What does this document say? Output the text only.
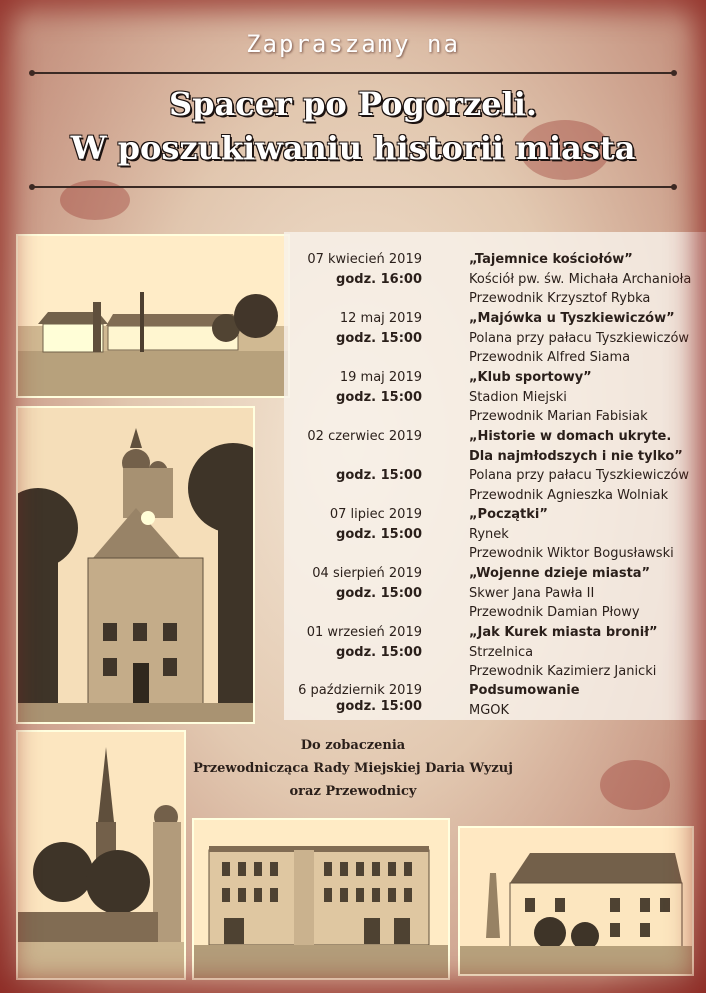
Zapraszamy na
Spacer po Pogorzeli.
W poszukiwaniu historii miasta
07 kwiecień 2019
godz. 16:00
„Tajemnice kościołów”
Kościół pw. św. Michała Archanioła
Przewodnik Krzysztof Rybka
12 maj 2019
godz. 15:00
„Majówka u Tyszkiewiczów”
Polana przy pałacu Tyszkiewiczów
Przewodnik Alfred Siama
19 maj 2019
godz. 15:00
„Klub sportowy”
Stadion Miejski
Przewodnik Marian Fabisiak
02 czerwiec 2019
godz. 15:00
„Historie w domach ukryte.
Dla najmłodszych i nie tylko”
Polana przy pałacu Tyszkiewiczów
Przewodnik Agnieszka Wolniak
07 lipiec 2019
godz. 15:00
„Początki”
Rynek
Przewodnik Wiktor Bogusławski
04 sierpień 2019
godz. 15:00
„Wojenne dzieje miasta”
Skwer Jana Pawła II
Przewodnik Damian Płowy
01 wrzesień 2019
godz. 15:00
„Jak Kurek miasta bronił”
Strzelnica
Przewodnik Kazimierz Janicki
6 październik 2019
godz. 15:00
Podsumowanie
MGOK
Do zobaczenia
Przewodnicząca Rady Miejskiej Daria Wyzuj
oraz Przewodnicy
